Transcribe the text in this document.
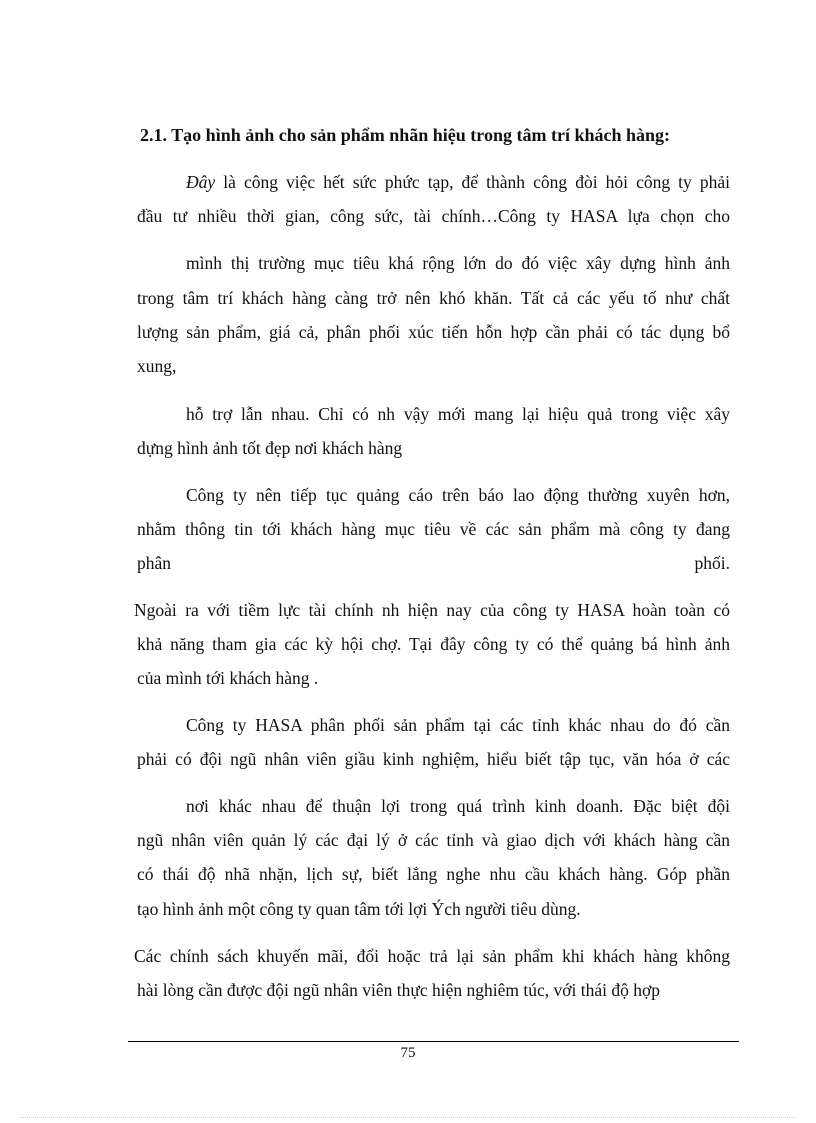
2.1. Tạo hình ảnh cho sản phẩm nhãn hiệu trong tâm trí khách hàng:
Đây là công việc hết sức phức tạp, để thành công đòi hỏi công ty phải
đầu tư nhiều thời gian, công sức, tài chính…Công ty HASA lựa chọn cho
mình thị trường mục tiêu khá rộng lớn do đó việc xây dựng hình ảnh
trong tâm trí khách hàng càng trở nên khó khăn. Tất cả các yếu tố như chất
lượng sản phẩm, giá cả, phân phối xúc tiến hỗn hợp cần phải có tác dụng bổ
xung,
hỗ trợ lẫn nhau. Chỉ có nh vậy mới mang lại hiệu quả trong việc xây
dựng hình ảnh tốt đẹp nơi khách hàng
Công ty nên tiếp tục quảng cáo trên báo lao động thường xuyên hơn,
nhằm thông tin tới khách hàng mục tiêu về các sản phẩm mà công ty đang
phân	phối.
Ngoài ra với tiềm lực tài chính nh hiện nay của công ty HASA hoàn toàn có
khả năng tham gia các kỳ hội chợ. Tại đây công ty có thể quảng bá hình ảnh
của mình tới khách hàng .
Công ty HASA phân phối sản phẩm tại các tỉnh khác nhau do đó cần
phải có đội ngũ nhân viên giầu kinh nghiệm, hiểu biết tập tục, văn hóa ở các
nơi khác nhau để thuận lợi trong quá trình kinh doanh. Đặc biệt đội
ngũ nhân viên quản lý các đại lý ở các tỉnh và giao dịch với khách hàng cần
có thái độ nhã nhặn, lịch sự, biết lắng nghe nhu cầu khách hàng. Góp phần
tạo hình ảnh một công ty quan tâm tới lợi Ých người tiêu dùng.
Các chính sách khuyến mãi, đổi hoặc trả lại sản phẩm khi khách hàng không
hài lòng cần được đội ngũ nhân viên thực hiện nghiêm túc, với thái độ hợp
75
